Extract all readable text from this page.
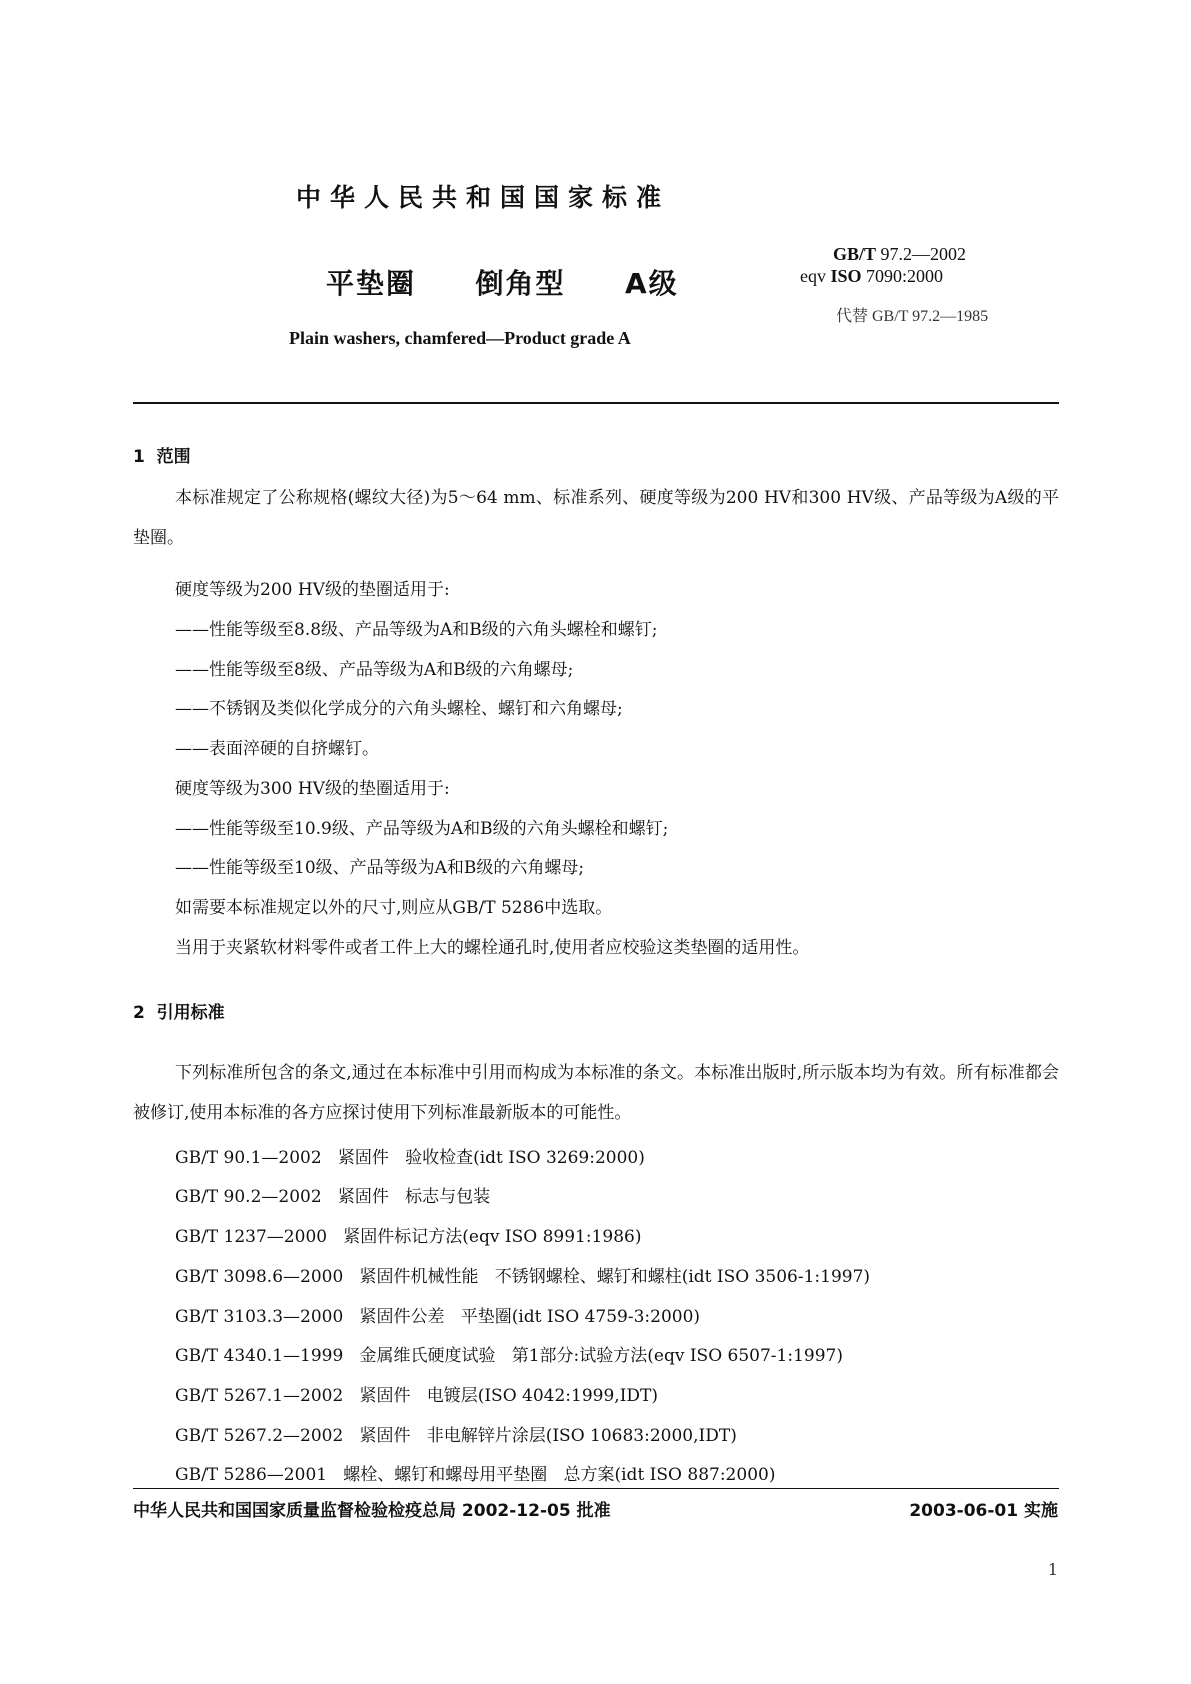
中华人民共和国国家标准
平垫圈  倒角型  A级
Plain washers, chamfered—Product grade A
GB/T 97.2—2002
eqv ISO 7090:2000
代替 GB/T 97.2—1985
1  范围

本标准规定了公称规格(螺纹大径)为5～64 mm、标准系列、硬度等级为200 HV和300 HV级、产品等级为A级的平垫圈。

硬度等级为200 HV级的垫圈适用于:
——性能等级至8.8级、产品等级为A和B级的六角头螺栓和螺钉;
——性能等级至8级、产品等级为A和B级的六角螺母;
——不锈钢及类似化学成分的六角头螺栓、螺钉和六角螺母;
——表面淬硬的自挤螺钉。
硬度等级为300 HV级的垫圈适用于:
——性能等级至10.9级、产品等级为A和B级的六角头螺栓和螺钉;
——性能等级至10级、产品等级为A和B级的六角螺母;
如需要本标准规定以外的尺寸,则应从GB/T 5286中选取。
当用于夹紧软材料零件或者工件上大的螺栓通孔时,使用者应校验这类垫圈的适用性。
2  引用标准

下列标准所包含的条文,通过在本标准中引用而构成为本标准的条文。本标准出版时,所示版本均为有效。所有标准都会被修订,使用本标准的各方应探讨使用下列标准最新版本的可能性。

GB/T 90.1—2002   紧固件   验收检查(idt ISO 3269:2000)
GB/T 90.2—2002   紧固件   标志与包装
GB/T 1237—2000   紧固件标记方法(eqv ISO 8991:1986)
GB/T 3098.6—2000   紧固件机械性能   不锈钢螺栓、螺钉和螺柱(idt ISO 3506-1:1997)
GB/T 3103.3—2000   紧固件公差   平垫圈(idt ISO 4759-3:2000)
GB/T 4340.1—1999   金属维氏硬度试验   第1部分:试验方法(eqv ISO 6507-1:1997)
GB/T 5267.1—2002   紧固件   电镀层(ISO 4042:1999,IDT)
GB/T 5267.2—2002   紧固件   非电解锌片涂层(ISO 10683:2000,IDT)
GB/T 5286—2001   螺栓、螺钉和螺母用平垫圈   总方案(idt ISO 887:2000)
中华人民共和国国家质量监督检验检疫总局 2002-12-05 批准	2003-06-01 实施
1
